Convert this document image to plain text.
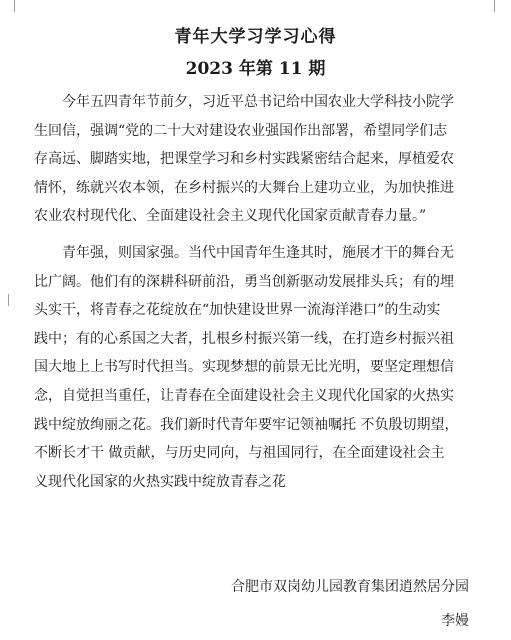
青年大学习学习心得
2023 年第 11 期

　　今年五四青年节前夕，习近平总书记给中国农业大学科技小院学
生回信，强调“党的二十大对建设农业强国作出部署，希望同学们志
存高远、脚踏实地，把课堂学习和乡村实践紧密结合起来，厚植爱农
情怀，练就兴农本领，在乡村振兴的大舞台上建功立业，为加快推进
农业农村现代化、全面建设社会主义现代化国家贡献青春力量。”

　　青年强，则国家强。当代中国青年生逢其时，施展才干的舞台无
比广阔。他们有的深耕科研前沿，勇当创新驱动发展排头兵；有的埋
头实干，将青春之花绽放在“加快建设世界一流海洋港口”的生动实
践中；有的心系国之大者，扎根乡村振兴第一线，在打造乡村振兴祖
国大地上上书写时代担当。实现梦想的前景无比光明，要坚定理想信
念，自觉担当重任，让青春在全面建设社会主义现代化国家的火热实
践中绽放绚丽之花。我们新时代青年要牢记领袖嘱托 不负殷切期望，
不断长才干 做贡献，与历史同向，与祖国同行，在全面建设社会主
义现代化国家的火热实践中绽放青春之花

合肥市双岗幼儿园教育集团逍然居分园
李嫚
